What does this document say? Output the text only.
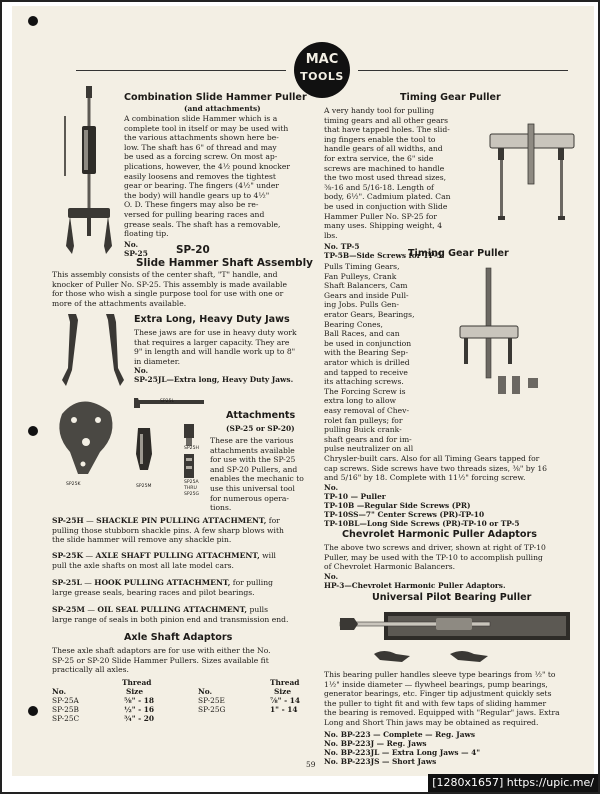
MAC
TOOLS
Combination Slide Hammer Puller
(and attachments)
A combination slide Hammer which is a
complete tool in itself or may be used with
the various attachments shown here be-
low. The shaft has 6" of thread and may
be used as a forcing screw. On most ap-
plications, however, the 4½ pound knocker
easily loosens and removes the tightest
gear or bearing. The fingers (4½" under
the body) will handle gears up to 4½"
O. D. These fingers may also be re-
versed for pulling bearing races and
grease seals. The shaft has a removable,
floating tip.
No.
SP-25	SP-20
Slide Hammer Shaft Assembly
This assembly consists of the center shaft, "T" handle, and
knocker of Puller No. SP-25. This assembly is made available
for those who wish a single purpose tool for use with one or
more of the attachments available.
Extra Long, Heavy Duty Jaws
These jaws are for use in heavy duty work
that requires a larger capacity. They are
9" in length and will handle work up to 8"
in diameter.
No.
SP-25JL—Extra long, Heavy Duty Jaws.
SP25L
SP25H
SP25K	SP25M
SP25A
THRU
SP25G
Attachments
(SP-25 or SP-20)
These are the various
attachments available
for use with the SP-25
and SP-20 Pullers, and
enables the mechanic to
use this universal tool
for numerous opera-
tions.
SP-25H — SHACKLE PIN PULLING ATTACHMENT, for
pulling those stubborn shackle pins. A few sharp blows with
the slide hammer will remove any shackle pin.
SP-25K — AXLE SHAFT PULLING ATTACHMENT, will
pull the axle shafts on most all late model cars.
SP-25L — HOOK PULLING ATTACHMENT, for pulling
large grease seals, bearing races and pilot bearings.
SP-25M — OIL SEAL PULLING ATTACHMENT, pulls
large range of seals in both pinion end and transmission end.
Axle Shaft Adaptors
These axle shaft adaptors are for use with either the No.
SP-25 or SP-20 Slide Hammer Pullers. Sizes available fit
practically all axles.
Thread
Size
Thread
Size
No.	No.
SP-25A	⅝" - 18
SP-25B	½" - 16
SP-25C	¾" - 20
SP-25E	⅞" - 14
SP-25G	1" - 14
Timing Gear Puller
A very handy tool for pulling
timing gears and all other gears
that have tapped holes. The slid-
ing fingers enable the tool to
handle gears of all widths, and
for extra service, the 6" side
screws are machined to handle
the two most used thread sizes,
⅜-16 and 5/16-18. Length of
body, 6½". Cadmium plated. Can
be used in conjuction with Slide
Hammer Puller No. SP-25 for
many uses. Shipping weight, 4
lbs.
No. TP-5
TP-5B—Side Screws for TP-5.
Timing Gear Puller
Pulls Timing Gears,
Fan Pulleys, Crank
Shaft Balancers, Cam
Gears and inside Pull-
ing Jobs. Pulls Gen-
erator Gears, Bearings,
Bearing Cones,
Ball Races, and can
be used in conjunction
with the Bearing Sep-
arator which is drilled
and tapped to receive
its attaching screws.
The Forcing Screw is
extra long to allow
easy removal of Chev-
rolet fan pulleys; for
pulling Buick crank-
shaft gears and for im-
pulse neutralizer on all
Chrysler-built cars. Also for all Timing Gears tapped for
cap screws. Side screws have two threads sizes, ⅜" by 16
and 5/16" by 18. Complete with 11½" forcing screw.
No.
TP-10 — Puller
TP-10B —Regular Side Screws (PR)
TP-10SS—7" Center Screws (PR)-TP-10
TP-10BL—Long Side Screws (PR)-TP-10 or TP-5
Chevrolet Harmonic Puller Adaptors
The above two screws and driver, shown at right of TP-10
Puller, may be used with the TP-10 to accomplish pulling
of Chevrolet Harmonic Balancers.
No.
HP-3—Chevrolet Harmonic Puller Adaptors.
Universal Pilot Bearing Puller
This bearing puller handles sleeve type bearings from ½" to
1½" inside diameter — flywheel bearings, pump bearings,
generator bearings, etc. Finger tip adjustment quickly sets
the puller to tight fit and with few taps of sliding hammer
the bearing is removed. Equipped with "Regular" jaws. Extra
Long and Short Thin jaws may be obtained as required.
No. BP-223 — Complete — Reg. Jaws
No. BP-223J — Reg. Jaws
No. BP-223JL — Extra Long Jaws — 4"
No. BP-223JS — Short Jaws
59
[1280x1657] https://upic.me/
